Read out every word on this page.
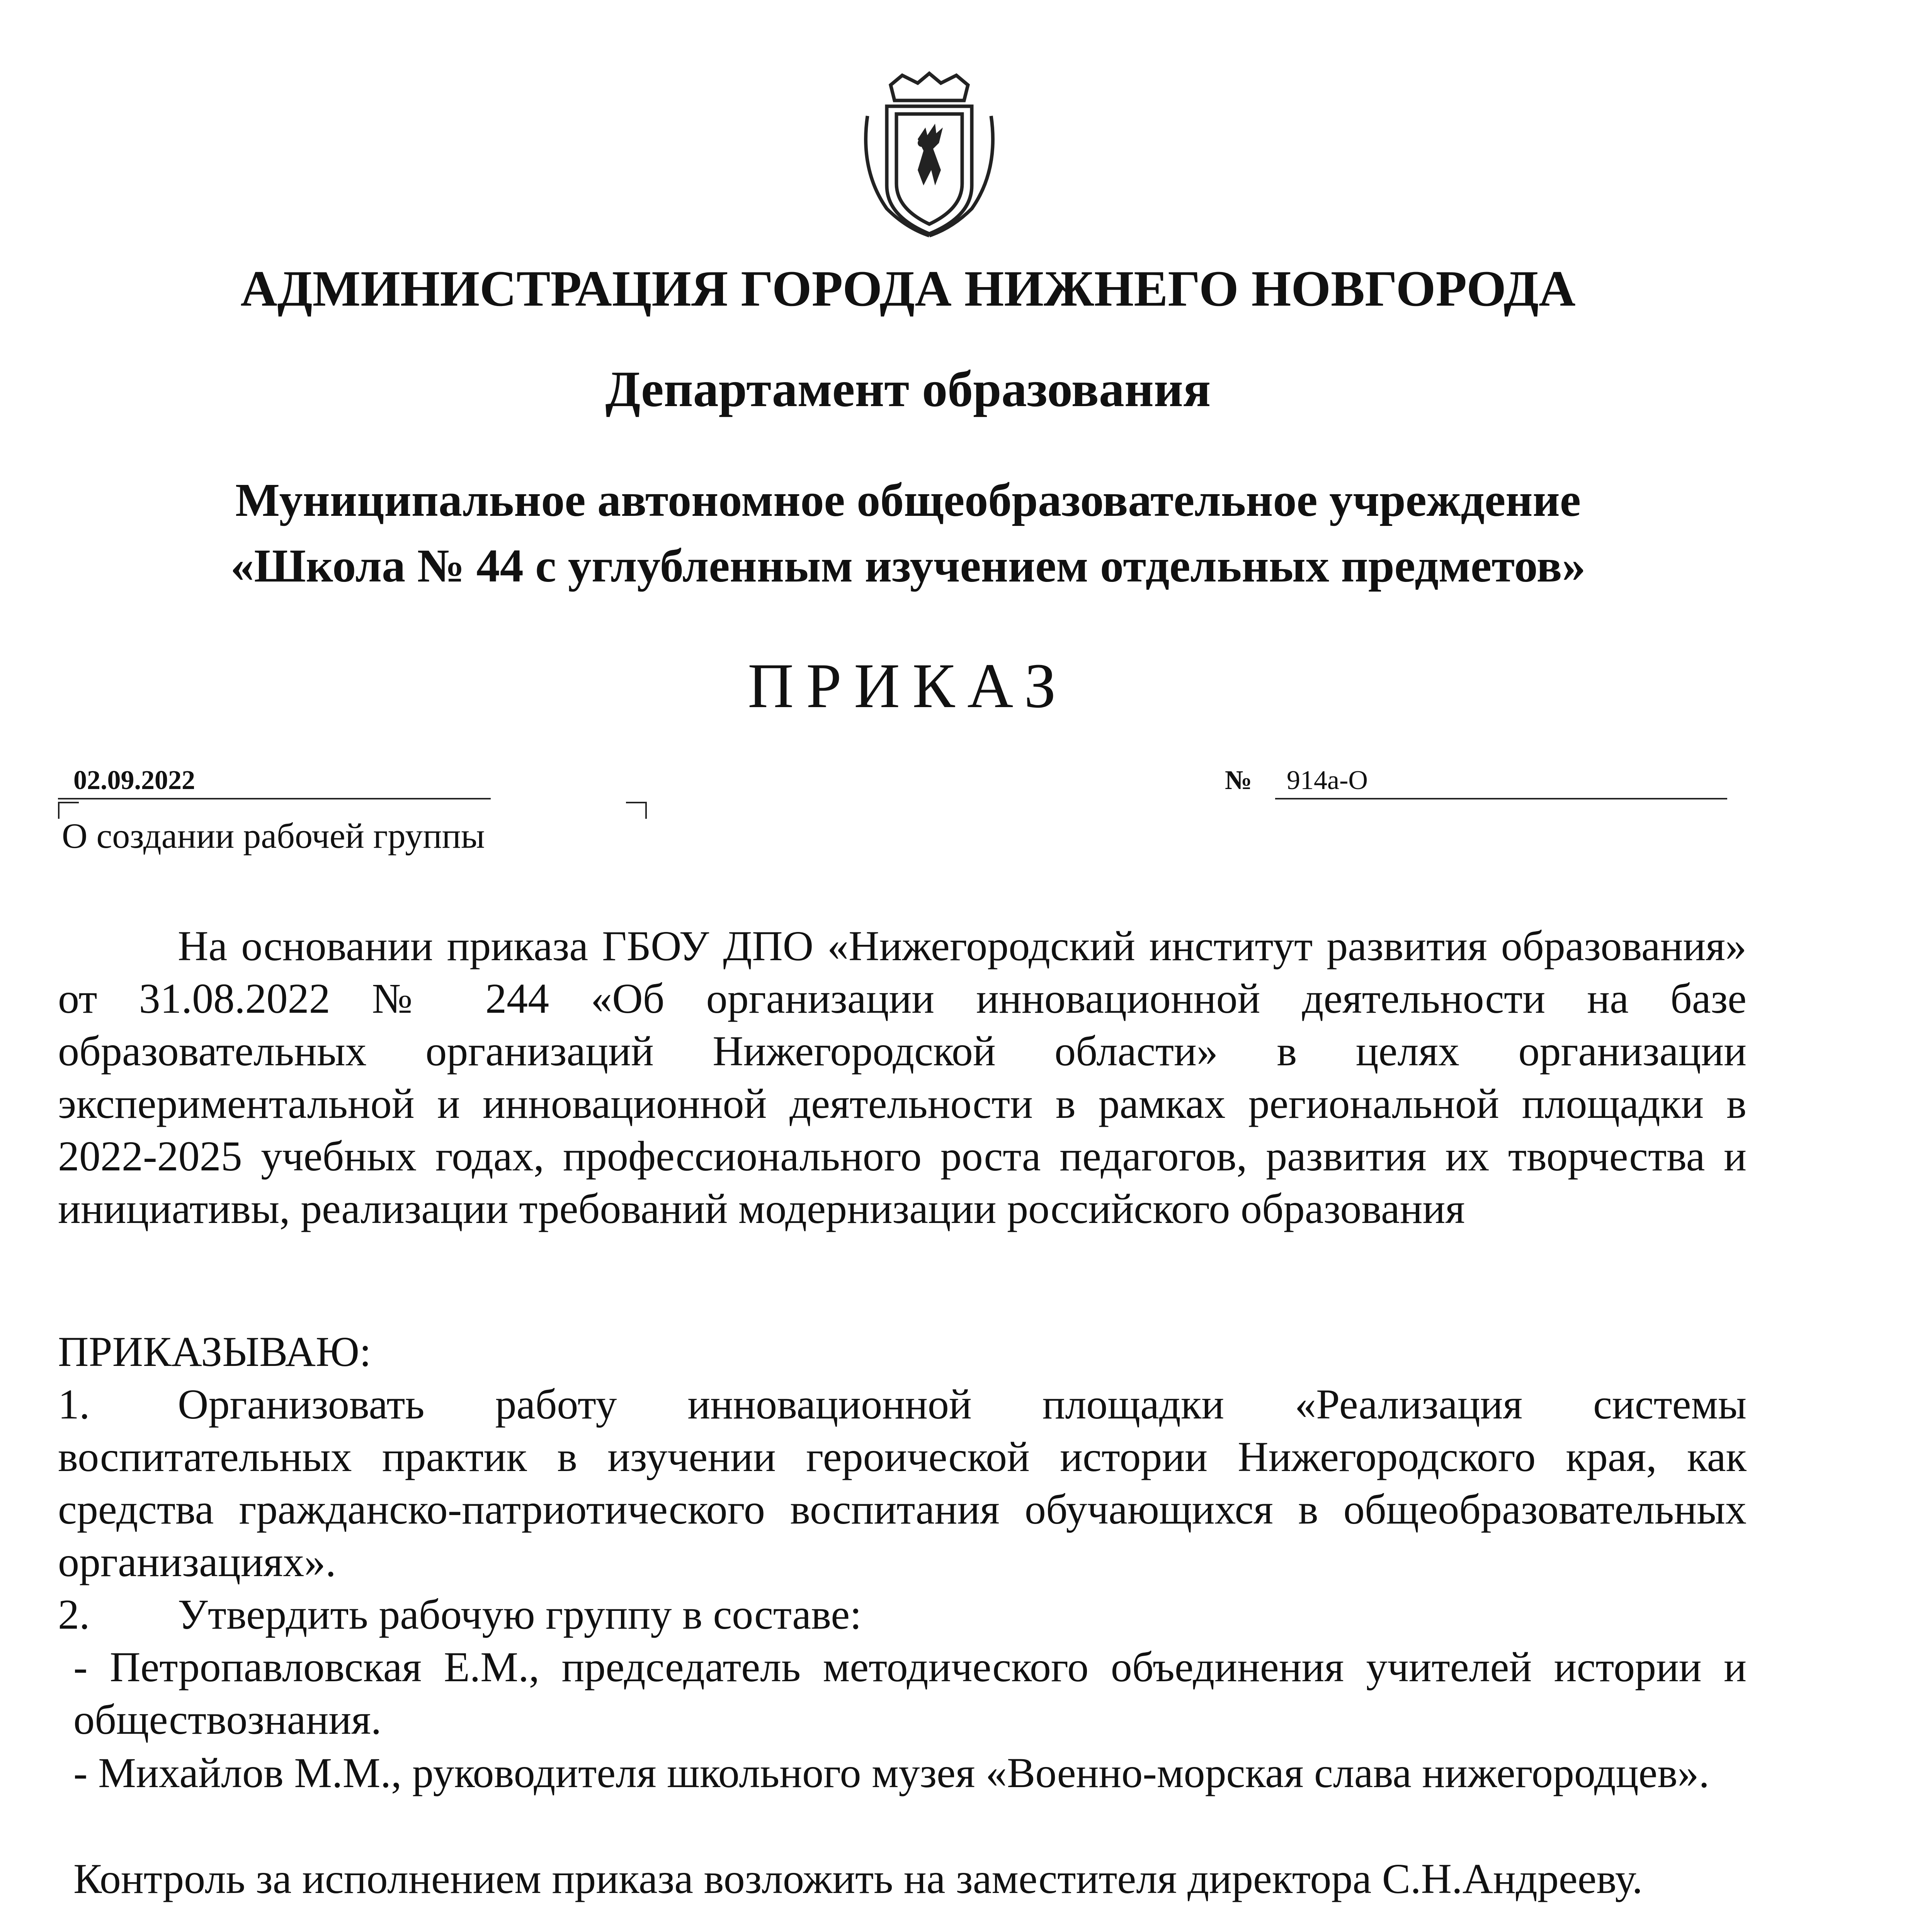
АДМИНИСТРАЦИЯ ГОРОДА НИЖНЕГО НОВГОРОДА
Департамент образования
Муниципальное автономное общеобразовательное учреждение
«Школа № 44 с углубленным изучением отдельных предметов»
ПРИКАЗ
02.09.2022	№ 914а-О
О создании рабочей группы
На основании приказа ГБОУ ДПО «Нижегородский институт развития образования» от 31.08.2022 № 244 «Об организации инновационной деятельности на базе образовательных организаций Нижегородской области» в целях организации экспериментальной и инновационной деятельности в рамках региональной площадки в 2022-2025 учебных годах, профессионального роста педагогов, развития их творчества и инициативы, реализации требований модернизации российского образования
ПРИКАЗЫВАЮ:
1. Организовать работу инновационной площадки «Реализация системы воспитательных практик в изучении героической истории Нижегородского края, как средства гражданско-патриотического воспитания обучающихся в общеобразовательных организациях».
2. Утвердить рабочую группу в составе:
- Петропавловская Е.М., председатель методического объединения учителей истории и обществознания.
- Михайлов М.М., руководителя школьного музея «Военно-морская слава нижегородцев».
Контроль за исполнением приказа возложить на заместителя директора С.Н.Андрееву.
